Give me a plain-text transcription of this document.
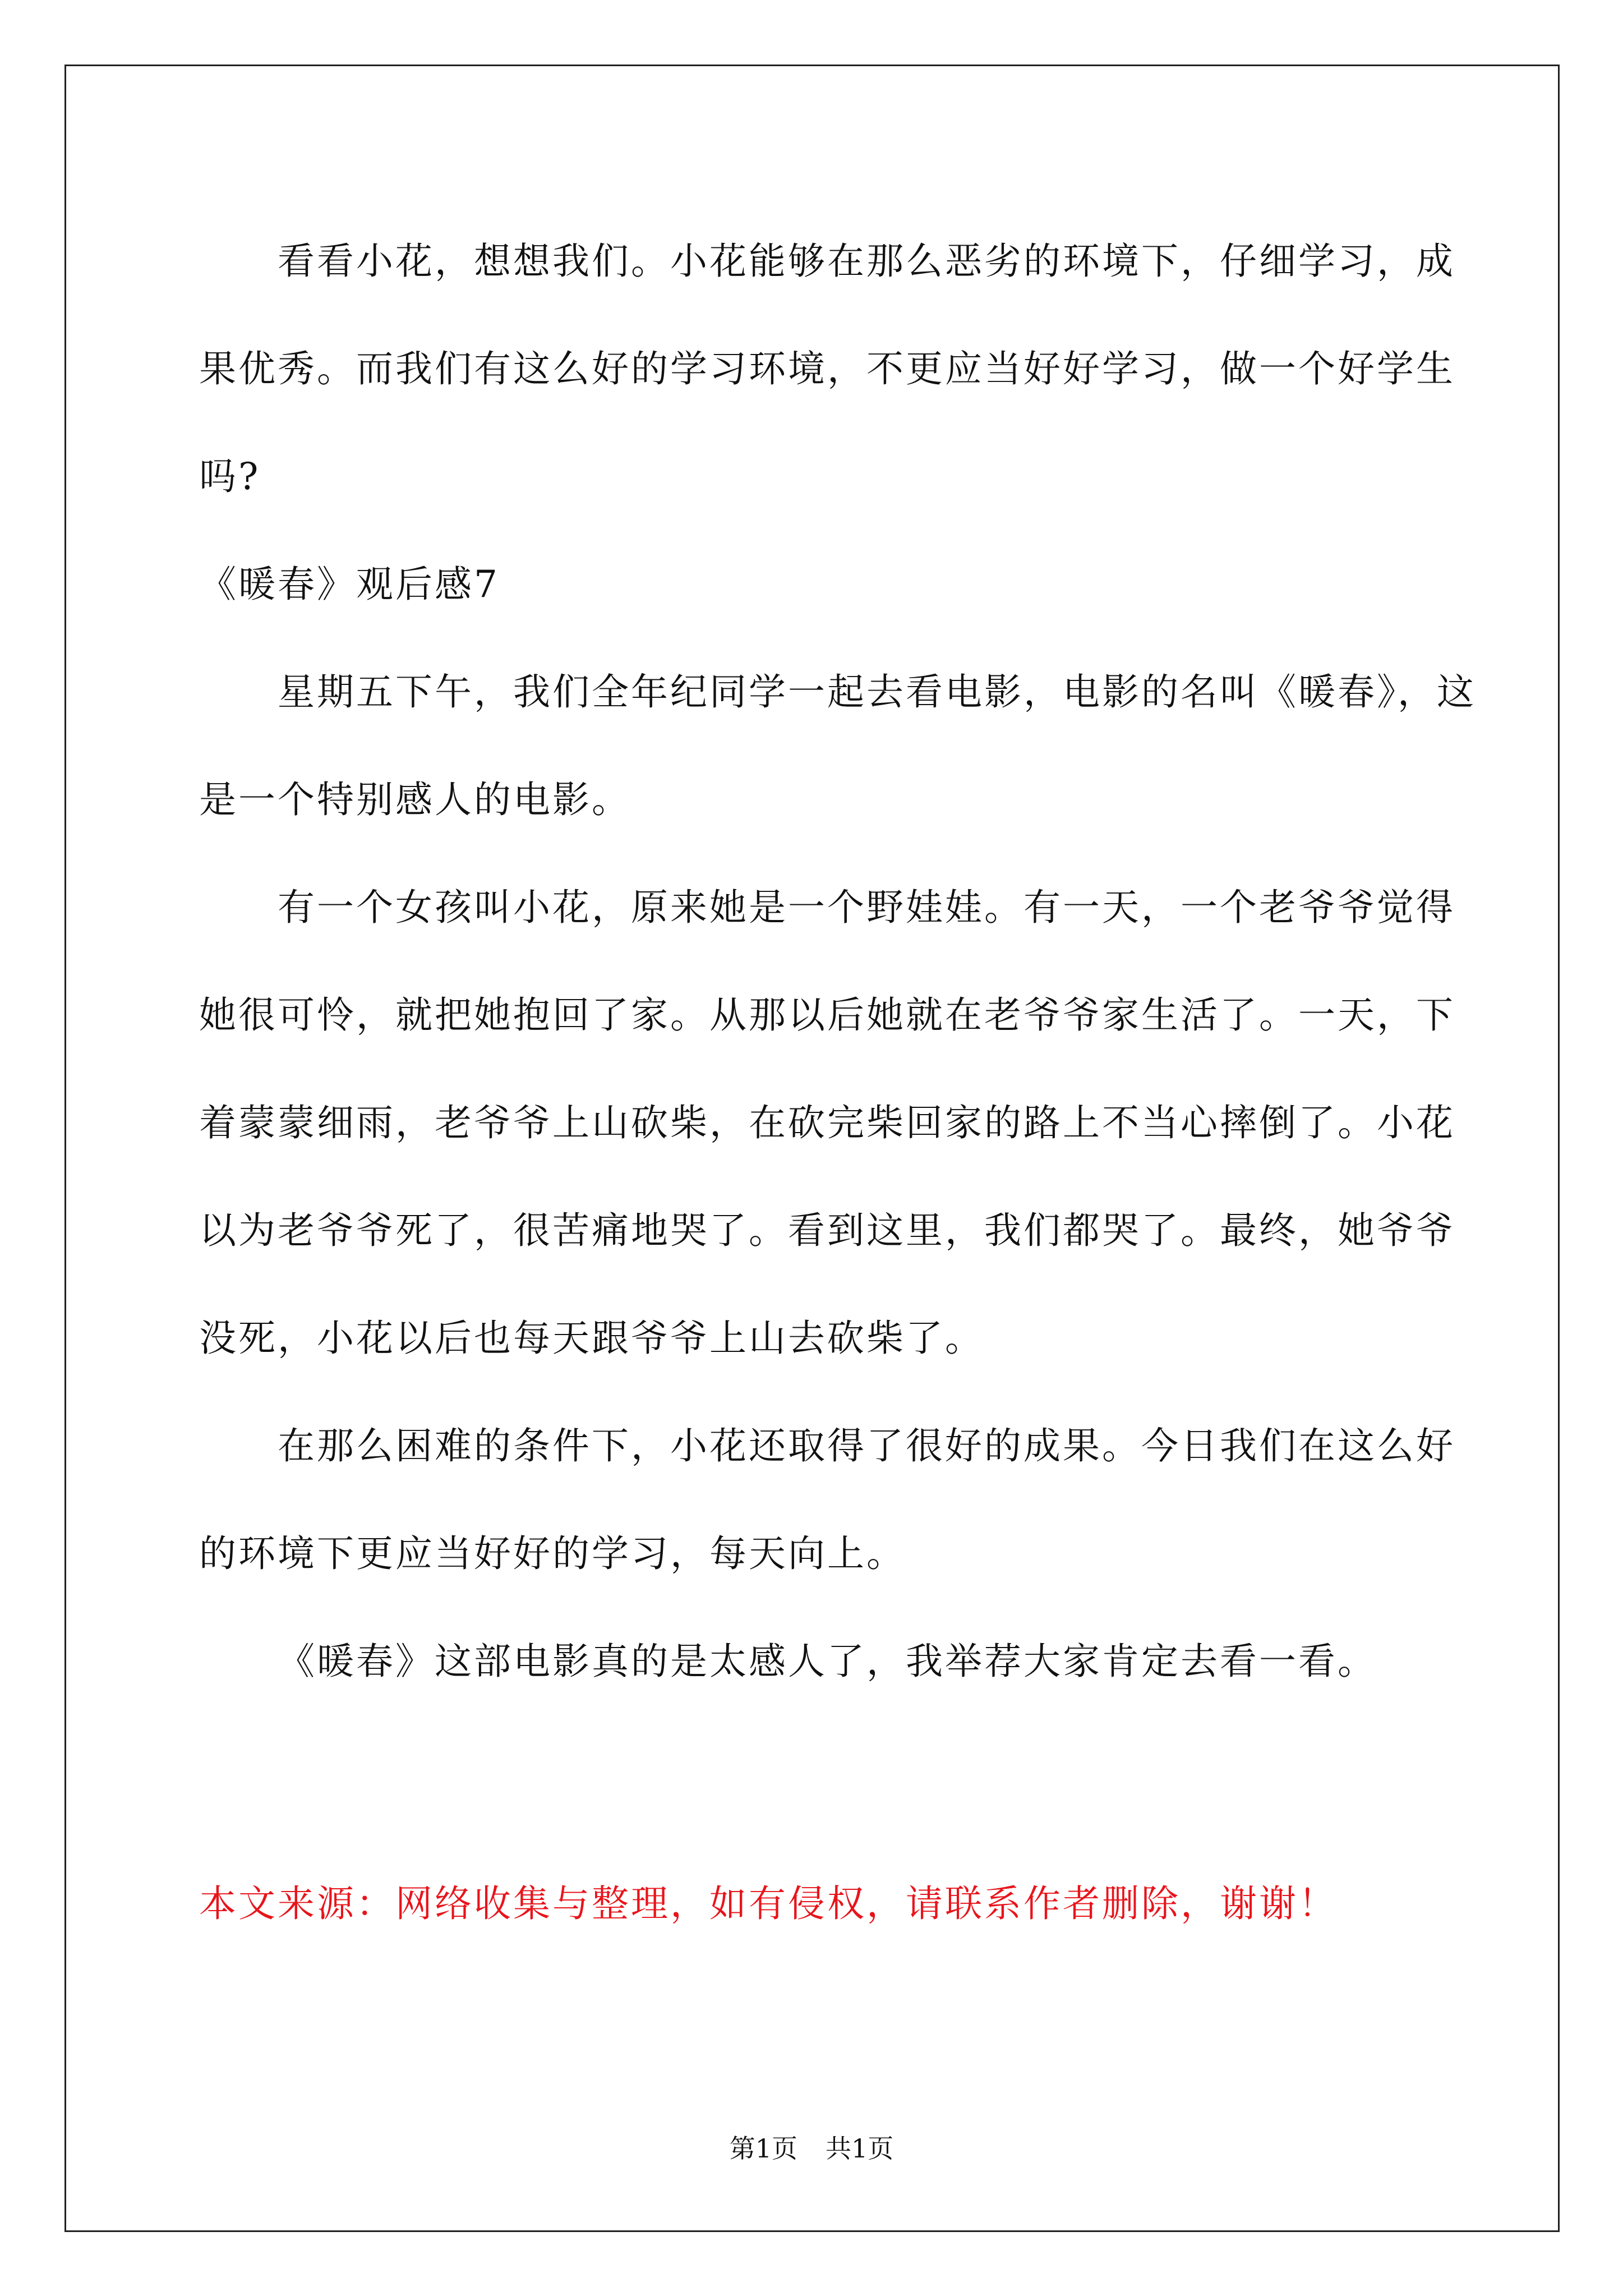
看看小花，想想我们。小花能够在那么恶劣的环境下，仔细学习，成果优秀。而我们有这么好的学习环境，不更应当好好学习，做一个好学生吗?

《暖春》观后感7

星期五下午，我们全年纪同学一起去看电影，电影的名叫《暖春》，这是一个特别感人的电影。

有一个女孩叫小花，原来她是一个野娃娃。有一天，一个老爷爷觉得她很可怜，就把她抱回了家。从那以后她就在老爷爷家生活了。一天，下着蒙蒙细雨，老爷爷上山砍柴，在砍完柴回家的路上不当心摔倒了。小花以为老爷爷死了，很苦痛地哭了。看到这里，我们都哭了。最终，她爷爷没死，小花以后也每天跟爷爷上山去砍柴了。

在那么困难的条件下，小花还取得了很好的成果。今日我们在这么好的环境下更应当好好的学习，每天向上。

《暖春》这部电影真的是太感人了，我举荐大家肯定去看一看。

本文来源：网络收集与整理，如有侵权，请联系作者删除，谢谢！

第1页 共1页
